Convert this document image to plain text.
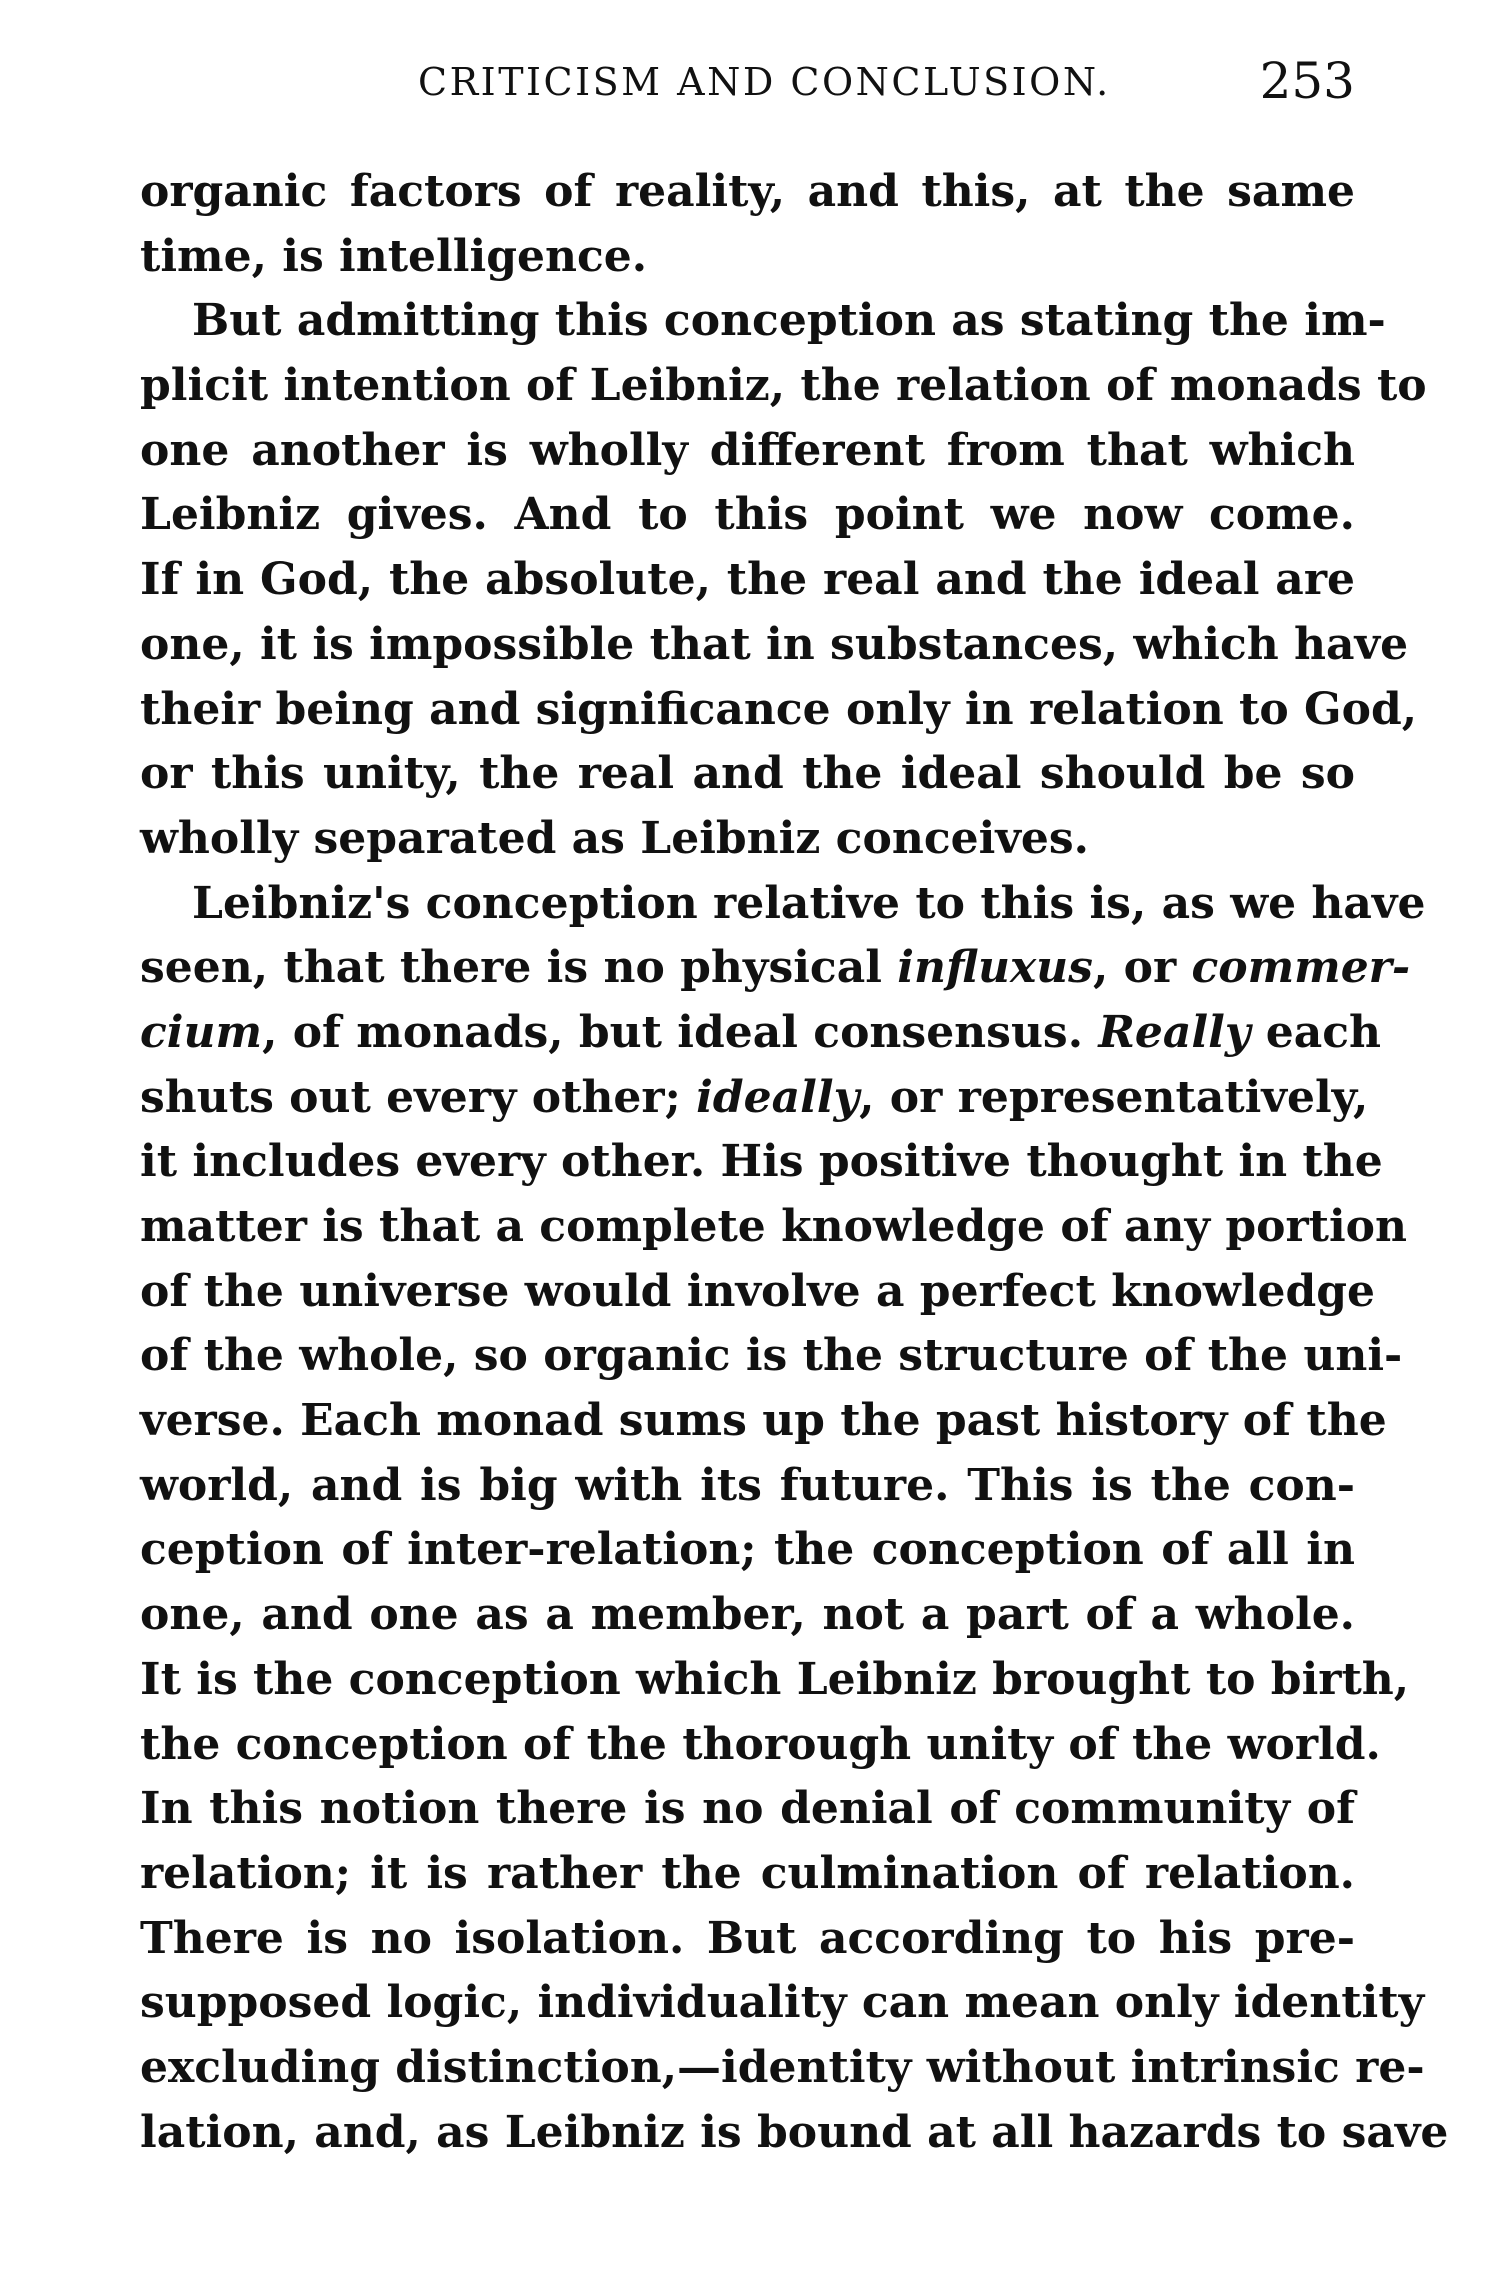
CRITICISM AND CONCLUSION.	253
organic factors of reality, and this, at the same
time, is intelligence.
But admitting this conception as stating the im-
plicit intention of Leibniz, the relation of monads to
one another is wholly different from that which
Leibniz gives. And to this point we now come.
If in God, the absolute, the real and the ideal are
one, it is impossible that in substances, which have
their being and significance only in relation to God,
or this unity, the real and the ideal should be so
wholly separated as Leibniz conceives.
Leibniz's conception relative to this is, as we have
seen, that there is no physical influxus, or commer-
cium, of monads, but ideal consensus. Really each
shuts out every other; ideally, or representatively,
it includes every other. His positive thought in the
matter is that a complete knowledge of any portion
of the universe would involve a perfect knowledge
of the whole, so organic is the structure of the uni-
verse. Each monad sums up the past history of the
world, and is big with its future. This is the con-
ception of inter-relation; the conception of all in
one, and one as a member, not a part of a whole.
It is the conception which Leibniz brought to birth,
the conception of the thorough unity of the world.
In this notion there is no denial of community of
relation; it is rather the culmination of relation.
There is no isolation. But according to his pre-
supposed logic, individuality can mean only identity
excluding distinction,—identity without intrinsic re-
lation, and, as Leibniz is bound at all hazards to save
